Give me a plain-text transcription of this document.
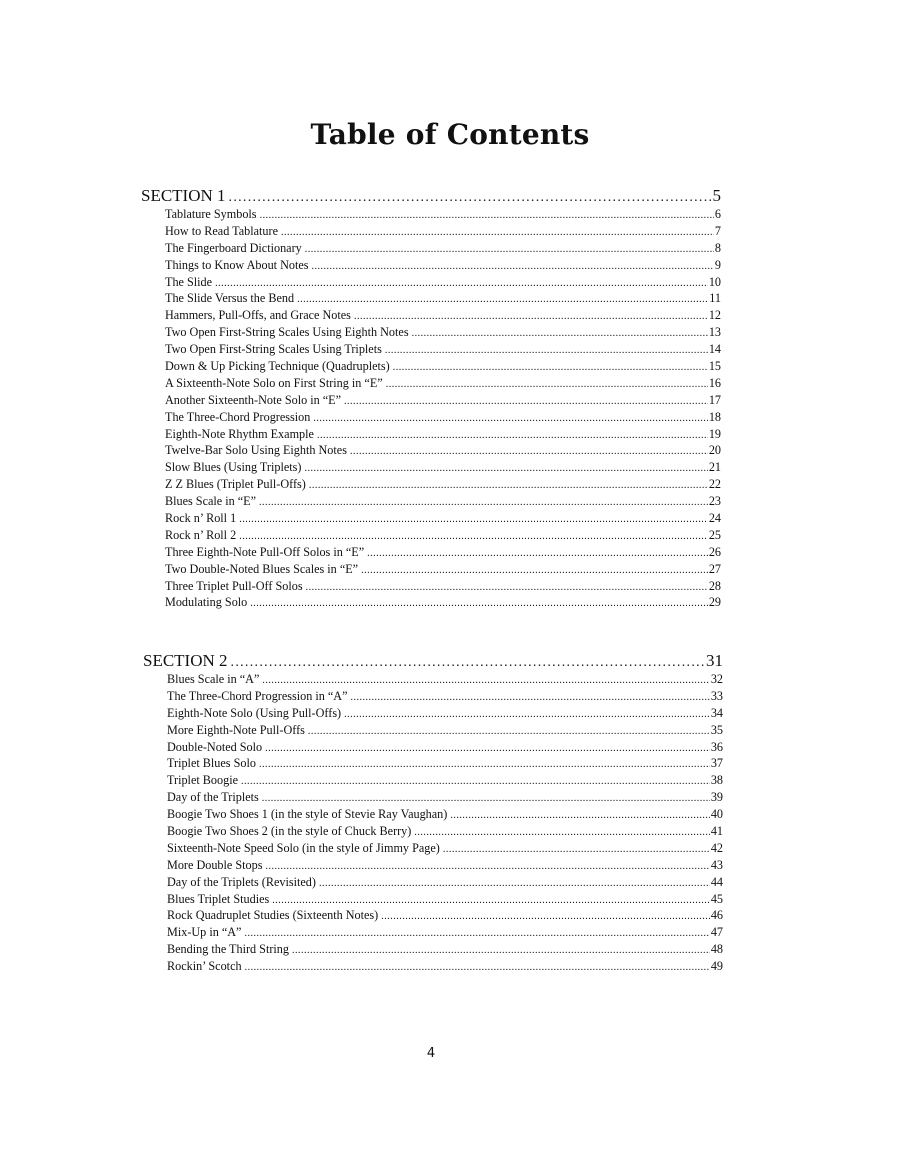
Table of Contents
SECTION 1 .....	5
Tablature Symbols .....	6
How to Read Tablature .....	7
The Fingerboard Dictionary .....	8
Things to Know About Notes .....	9
The Slide .....	10
The Slide Versus the Bend .....	11
Hammers, Pull-Offs, and Grace Notes .....	12
Two Open First-String Scales Using Eighth Notes .....	13
Two Open First-String Scales Using Triplets .....	14
Down & Up Picking Technique (Quadruplets) .....	15
A Sixteenth-Note Solo on First String in “E” .....	16
Another Sixteenth-Note Solo in “E” .....	17
The Three-Chord Progression .....	18
Eighth-Note Rhythm Example .....	19
Twelve-Bar Solo Using Eighth Notes .....	20
Slow Blues (Using Triplets) .....	21
Z Z Blues (Triplet Pull-Offs) .....	22
Blues Scale in “E” .....	23
Rock n’ Roll 1 .....	24
Rock n’ Roll 2 .....	25
Three Eighth-Note Pull-Off Solos in “E” .....	26
Two Double-Noted Blues Scales in “E” .....	27
Three Triplet Pull-Off Solos .....	28
Modulating Solo .....	29
SECTION 2 .....	31
Blues Scale in “A” .....	32
The Three-Chord Progression in “A” .....	33
Eighth-Note Solo (Using Pull-Offs) .....	34
More Eighth-Note Pull-Offs .....	35
Double-Noted Solo .....	36
Triplet Blues Solo .....	37
Triplet Boogie .....	38
Day of the Triplets .....	39
Boogie Two Shoes 1 (in the style of Stevie Ray Vaughan) .....	40
Boogie Two Shoes 2 (in the style of Chuck Berry) .....	41
Sixteenth-Note Speed Solo (in the style of Jimmy Page) .....	42
More Double Stops .....	43
Day of the Triplets (Revisited) .....	44
Blues Triplet Studies .....	45
Rock Quadruplet Studies (Sixteenth Notes) .....	46
Mix-Up in “A” .....	47
Bending the Third String .....	48
Rockin’ Scotch .....	49
4
